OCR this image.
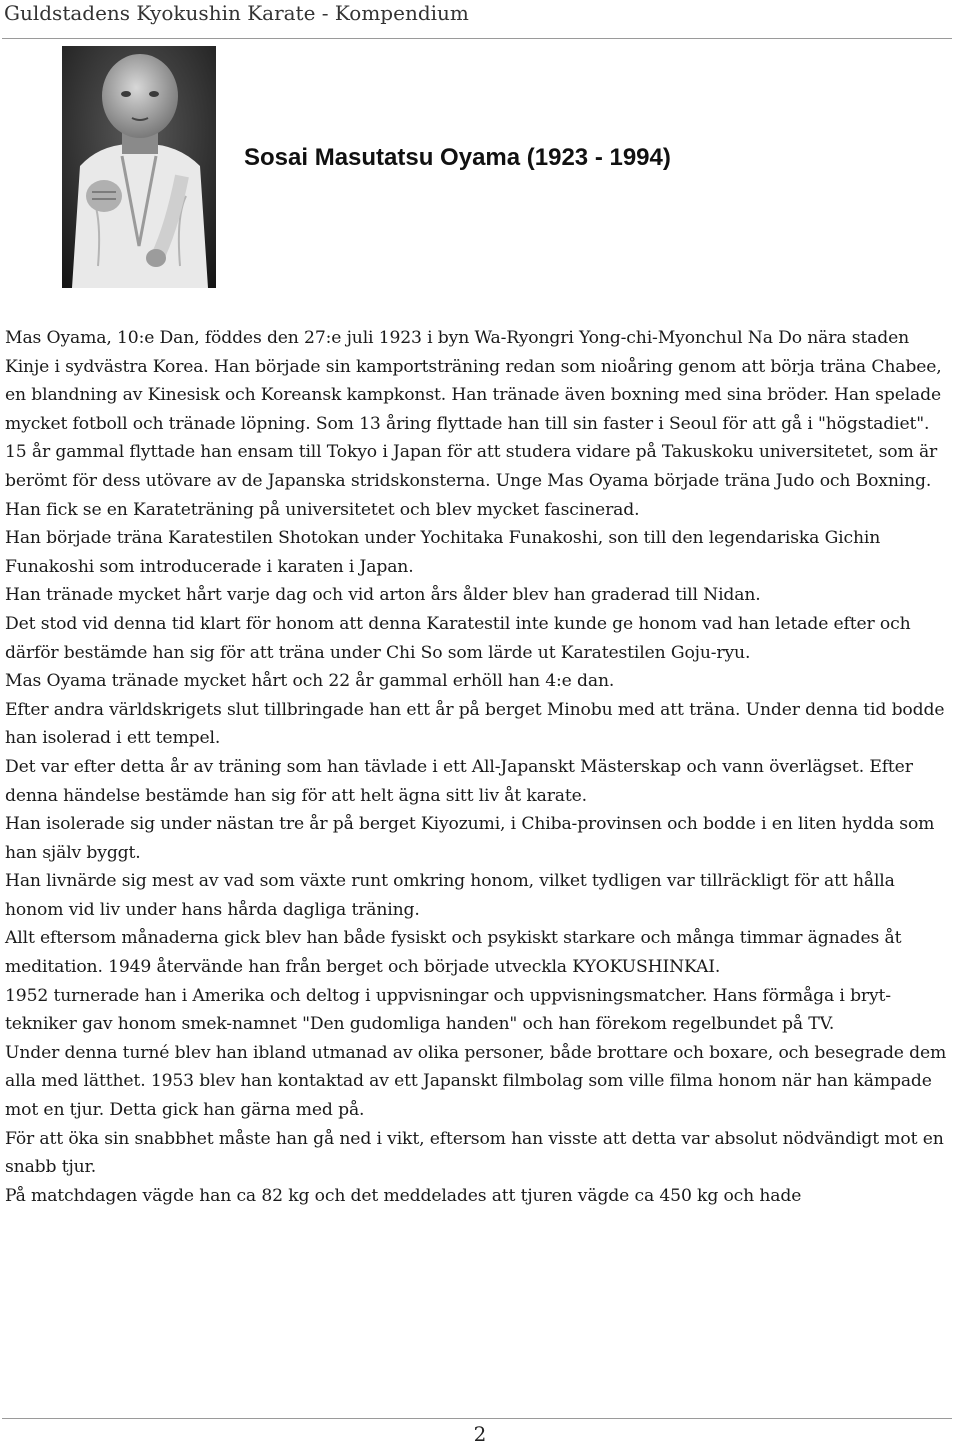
Guldstadens Kyokushin Karate - Kompendium
Sosai Masutatsu Oyama (1923 - 1994)

Mas Oyama, 10:e Dan, föddes den 27:e juli 1923 i byn Wa-Ryongri Yong-chi-Myonchul Na Do nära staden Kinje i sydvästra Korea. Han började sin kamportsträning redan som nioåring genom att börja träna Chabee, en blandning av Kinesisk och Koreansk kampkonst. Han tränade även boxning med sina bröder. Han spelade mycket fotboll och tränade löpning. Som 13 åring flyttade han till sin faster i Seoul för att gå i "högstadiet". 15 år gammal flyttade han ensam till Tokyo i Japan för att studera vidare på Takuskoku universitetet, som är berömt för dess utövare av de Japanska stridskonsterna. Unge Mas Oyama började träna Judo och Boxning. Han fick se en Karateträning på universitetet och blev mycket fascinerad.

Han började träna Karatestilen Shotokan under Yochitaka Funakoshi, son till den legendariska Gichin Funakoshi som introducerade i karaten i Japan.

Han tränade mycket hårt varje dag och vid arton års ålder blev han graderad till Nidan.

Det stod vid denna tid klart för honom att denna Karatestil inte kunde ge honom vad han letade efter och därför bestämde han sig för att träna under Chi So som lärde ut Karatestilen Goju-ryu.

Mas Oyama tränade mycket hårt och 22 år gammal erhöll han 4:e dan.

Efter andra världskrigets slut tillbringade han ett år på berget Minobu med att träna. Under denna tid bodde han isolerad i ett tempel.

Det var efter detta år av träning som han tävlade i ett All-Japanskt Mästerskap och vann överlägset. Efter denna händelse bestämde han sig för att helt ägna sitt liv åt karate.

Han isolerade sig under nästan tre år på berget Kiyozumi, i Chiba-provinsen och bodde i en liten hydda som han själv byggt.

Han livnärde sig mest av vad som växte runt omkring honom, vilket tydligen var tillräckligt för att hålla honom vid liv under hans hårda dagliga träning.

Allt eftersom månaderna gick blev han både fysiskt och psykiskt starkare och många timmar ägnades åt meditation. 1949 återvände han från berget och började utveckla KYOKUSHINKAI.

1952 turnerade han i Amerika och deltog i uppvisningar och uppvisningsmatcher. Hans förmåga i bryt-tekniker gav honom smek-namnet "Den gudomliga handen" och han förekom regelbundet på TV.

Under denna turné blev han ibland utmanad av olika personer, både brottare och boxare, och besegrade dem alla med lätthet. 1953 blev han kontaktad av ett Japanskt filmbolag som ville filma honom när han kämpade mot en tjur. Detta gick han gärna med på.

För att öka sin snabbhet måste han gå ned i vikt, eftersom han visste att detta var absolut nödvändigt mot en snabb tjur.

På matchdagen vägde han ca 82 kg och det meddelades att tjuren vägde ca 450 kg och hade

2
